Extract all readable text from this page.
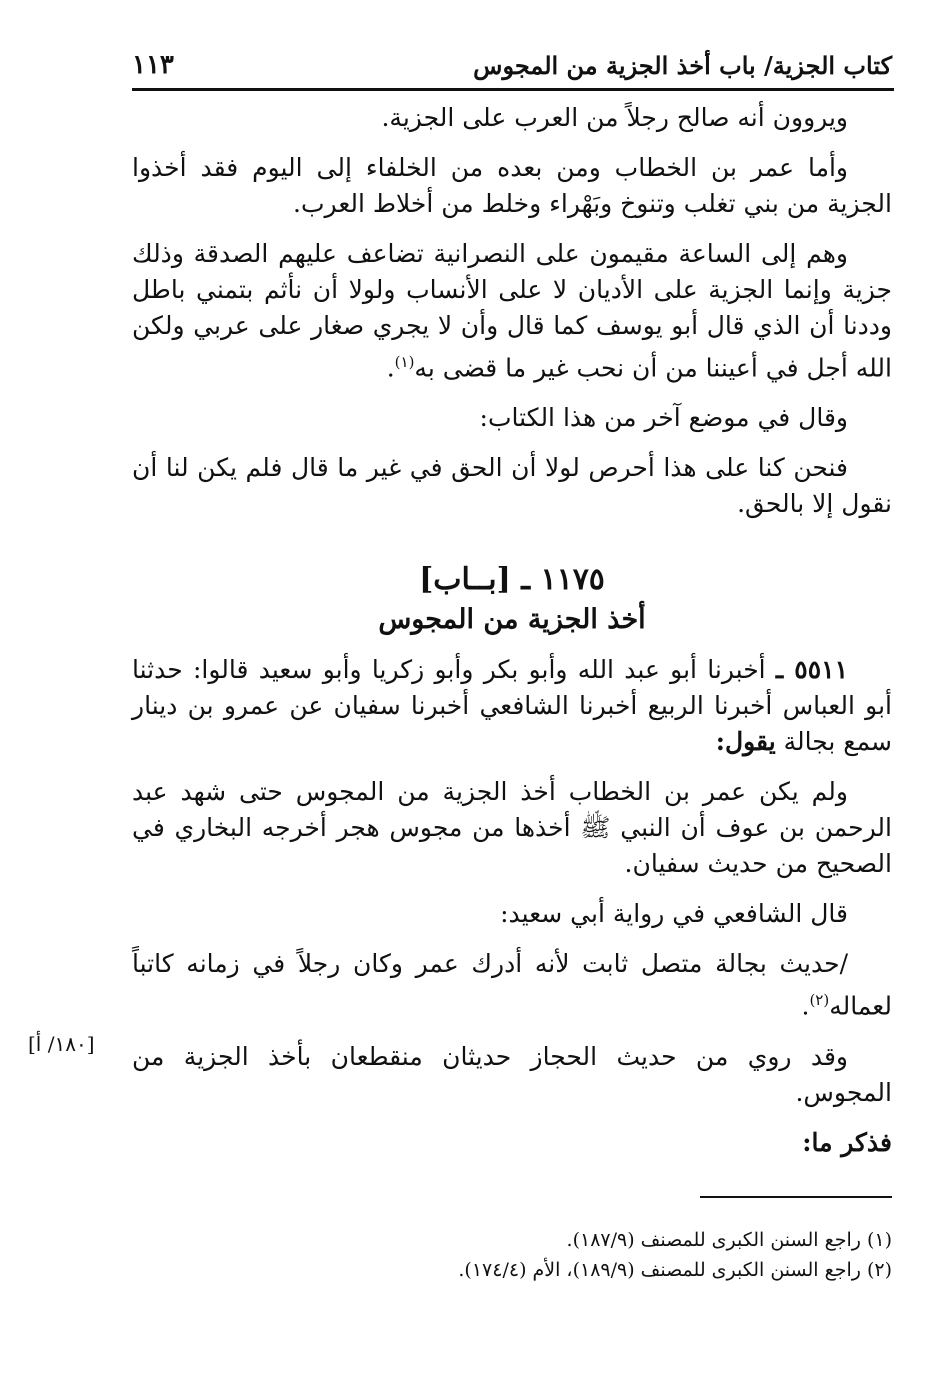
كتاب الجزية/ باب أخذ الجزية من المجوس
١١٣

ويروون أنه صالح رجلاً من العرب على الجزية.

وأما عمر بن الخطاب ومن بعده من الخلفاء إلى اليوم فقد أخذوا الجزية من بني تغلب وتنوخ وبَهْراء وخلط من أخلاط العرب.

وهم إلى الساعة مقيمون على النصرانية تضاعف عليهم الصدقة وذلك جزية وإنما الجزية على الأديان لا على الأنساب ولولا أن نأثم بتمني باطل وددنا أن الذي قال أبو يوسف كما قال وأن لا يجري صغار على عربي ولكن الله أجل في أعيننا من أن نحب غير ما قضى به$^{(١)}$.

وقال في موضع آخر من هذا الكتاب:

فنحن كنا على هذا أحرص لولا أن الحق في غير ما قال فلم يكن لنا أن نقول إلا بالحق.

١١٧٥ ـ [بــاب]
أخذ الجزية من المجوس

٥٥١١ ـ أخبرنا أبو عبد الله وأبو بكر وأبو زكريا وأبو سعيد قالوا: حدثنا أبو العباس أخبرنا الربيع أخبرنا الشافعي أخبرنا سفيان عن عمرو بن دينار سمع بجالة يقول:

ولم يكن عمر بن الخطاب أخذ الجزية من المجوس حتى شهد عبد الرحمن بن عوف أن النبي ﷺ أخذها من مجوس هجر أخرجه البخاري في الصحيح من حديث سفيان.

قال الشافعي في رواية أبي سعيد:

/حديث بجالة متصل ثابت لأنه أدرك عمر وكان رجلاً في زمانه كاتباً لعماله$^{(٢)}$.

وقد روي من حديث الحجاز حديثان منقطعان بأخذ الجزية من المجوس.

فذكر ما:

[١٨٠/ أ]

(١) راجع السنن الكبرى للمصنف (١٨٧/٩).

(٢) راجع السنن الكبرى للمصنف (١٨٩/٩)، الأم (١٧٤/٤).
